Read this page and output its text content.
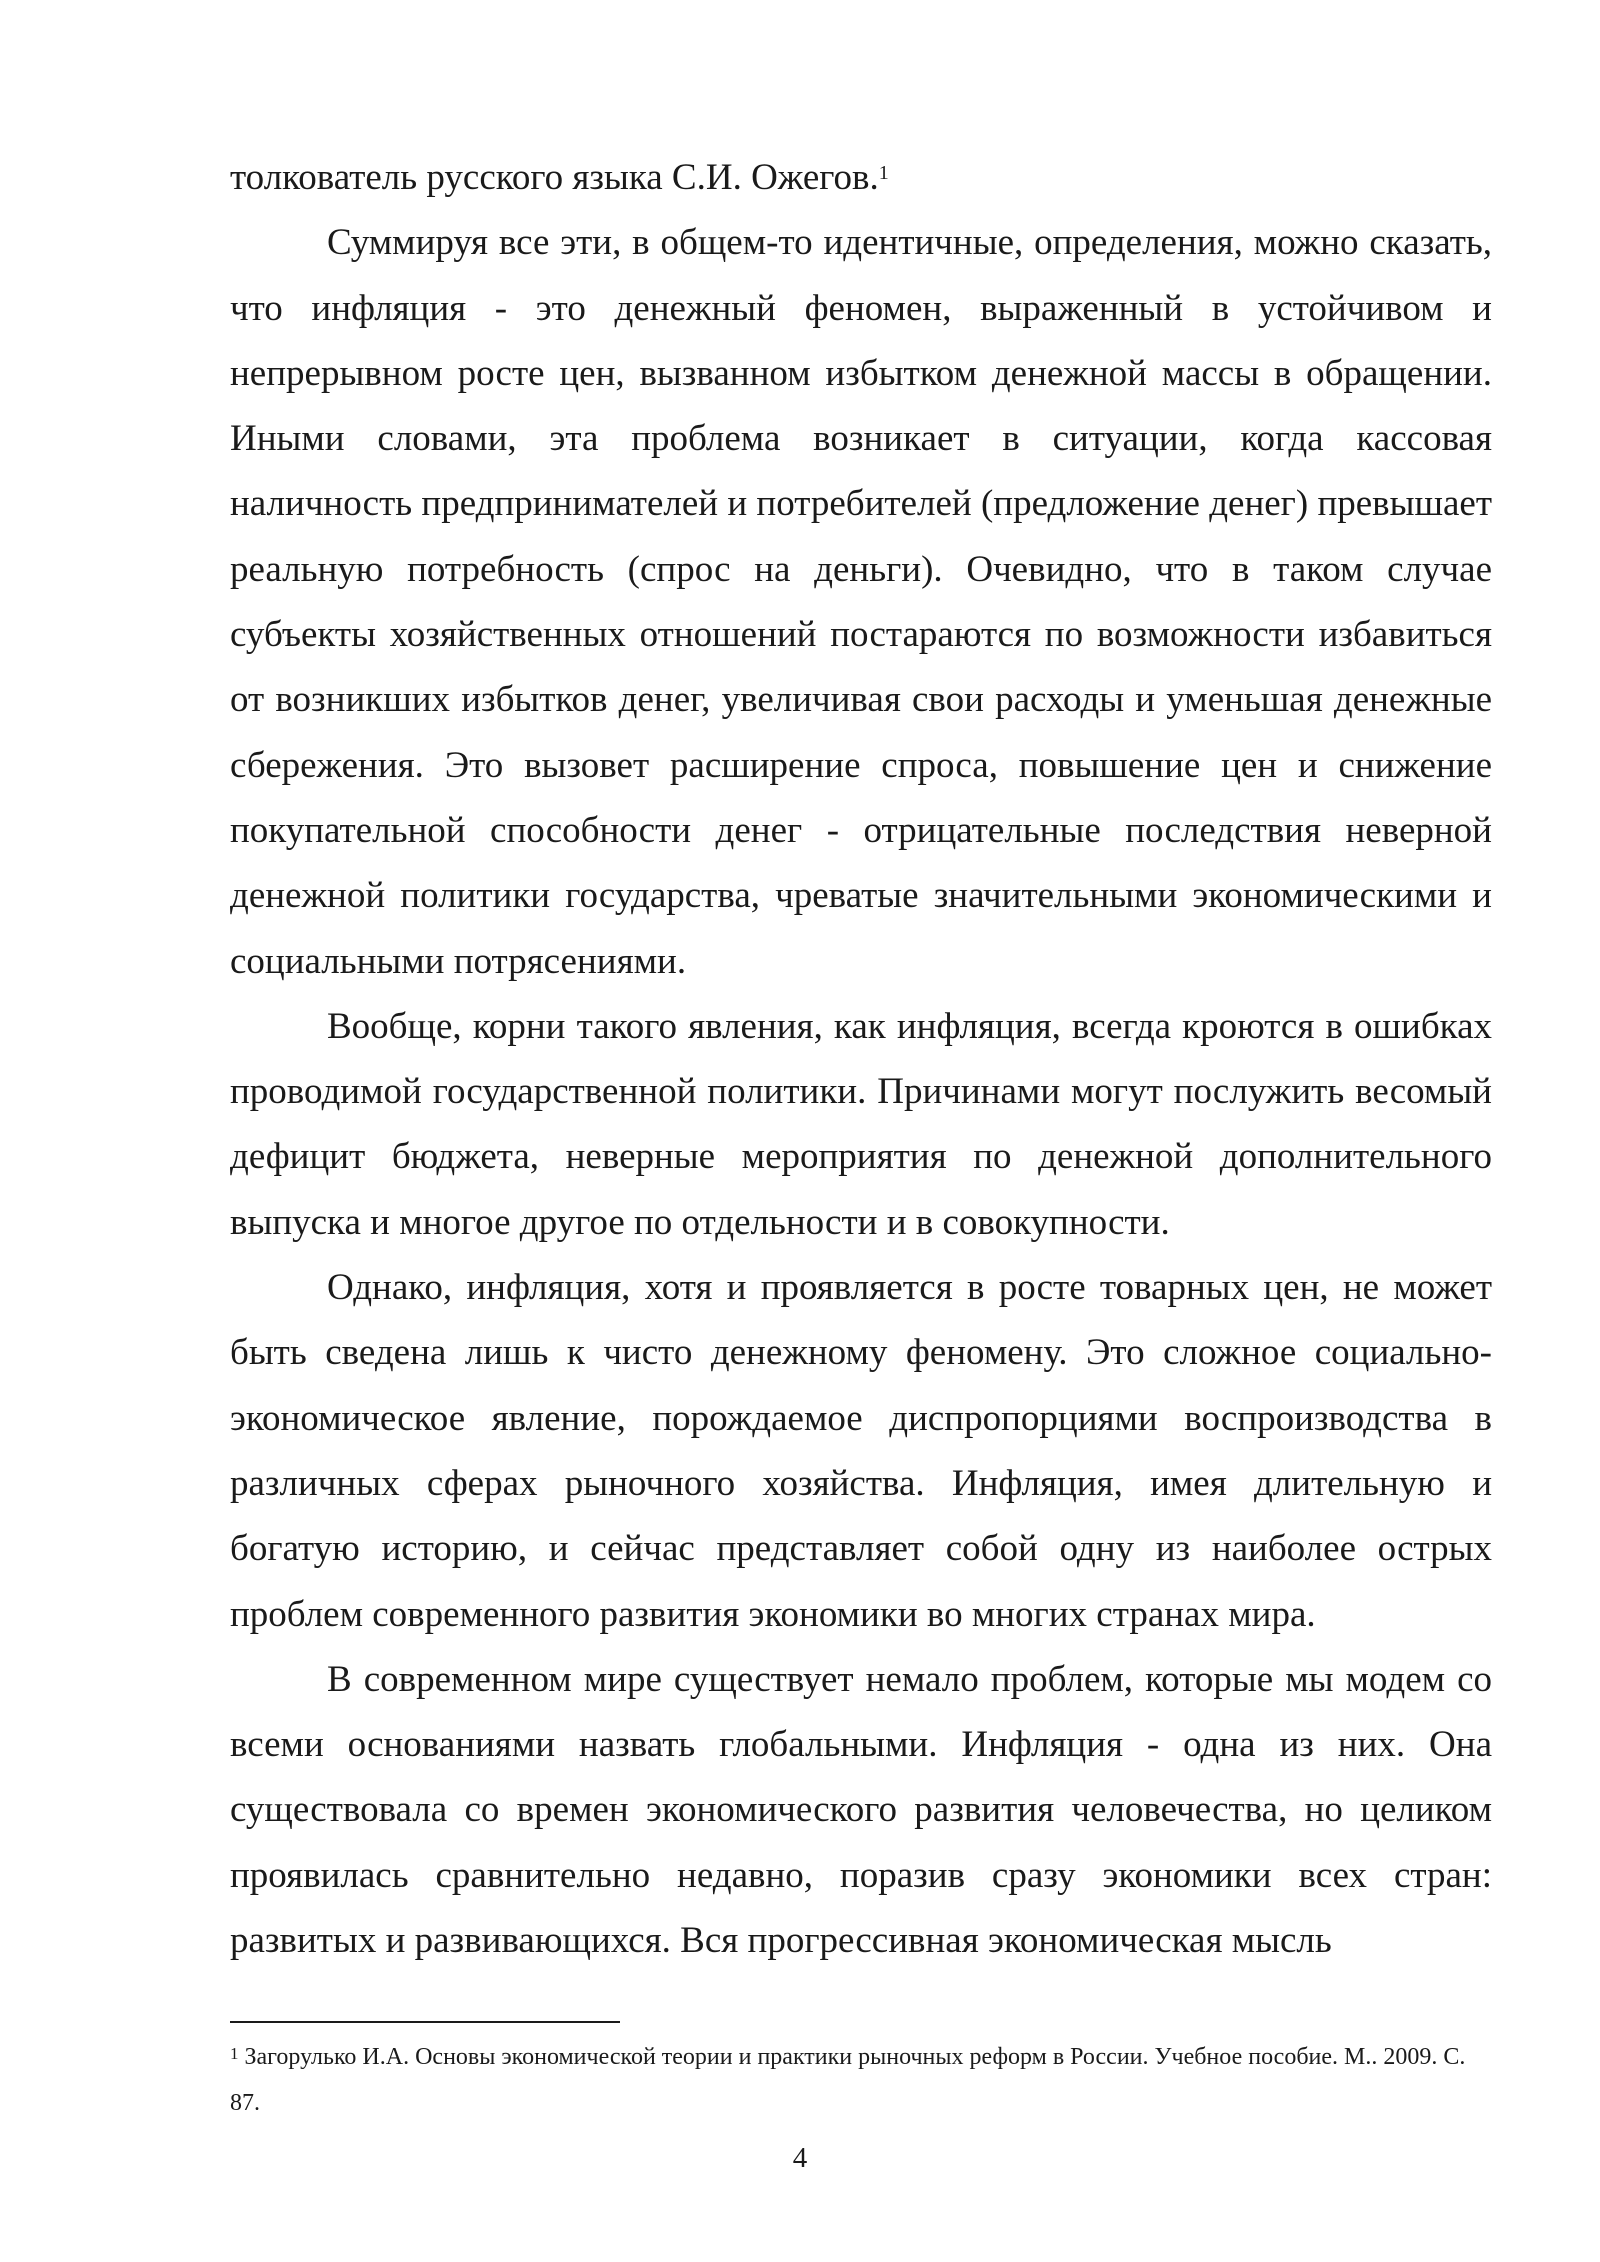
толкователь русского языка С.И. Ожегов.$^1$

Суммируя все эти, в общем-то идентичные, определения, можно сказать, что инфляция - это денежный феномен, выраженный в устойчивом и непрерывном росте цен, вызванном избытком денежной массы в обращении. Иными словами, эта проблема возникает в ситуации, когда кассовая наличность предпринимателей и потребителей (предложение денег) превышает реальную потребность (спрос на деньги). Очевидно, что в таком случае субъекты хозяйственных отношений постараются по возможности избавиться от возникших избытков денег, увеличивая свои расходы и уменьшая денежные сбережения. Это вызовет расширение спроса, повышение цен и снижение покупательной способности денег - отрицательные последствия неверной денежной политики государства, чреватые значительными экономическими и социальными потрясениями.

Вообще, корни такого явления, как инфляция, всегда кроются в ошибках проводимой государственной политики. Причинами могут послужить весомый дефицит бюджета, неверные мероприятия по денежной дополнительного выпуска и многое другое по отдельности и в совокупности.

Однако, инфляция, хотя и проявляется в росте товарных цен, не может быть сведена лишь к чисто денежному феномену. Это сложное социально-экономическое явление, порождаемое диспропорциями воспроизводства в различных сферах рыночного хозяйства. Инфляция, имея длительную и богатую историю, и сейчас представляет собой одну из наиболее острых проблем современного развития экономики во многих странах мира.

В современном мире существует немало проблем, которые мы модем со всеми основаниями назвать глобальными. Инфляция - одна из них. Она существовала со времен экономического развития человечества, но целиком проявилась сравнительно недавно, поразив сразу экономики всех стран: развитых и развивающихся. Вся прогрессивная экономическая мысль

$^1$ Загорулько И.А. Основы экономической теории и практики рыночных реформ в России. Учебное пособие. М.. 2009. С. 87.

4
